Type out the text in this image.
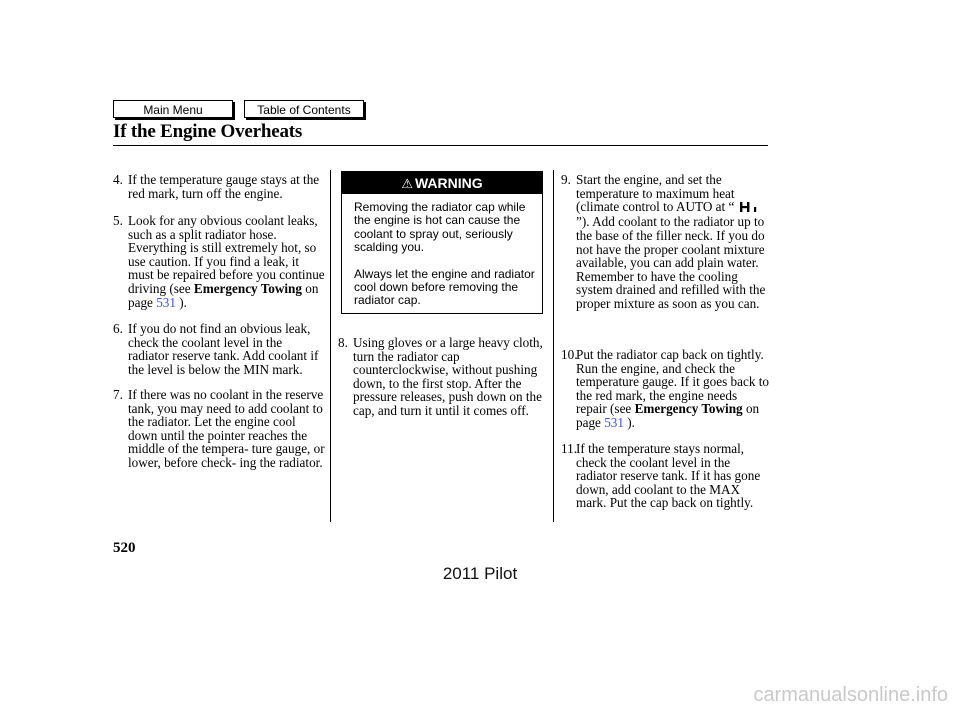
Main Menu	Table of Contents
If the Engine Overheats
4. If the temperature gauge stays at the red mark, turn off the engine.
5. Look for any obvious coolant leaks, such as a split radiator hose. Everything is still extremely hot, so use caution. If you find a leak, it must be repaired before you continue driving (see Emergency Towing on page 531 ).
6. If you do not find an obvious leak, check the coolant level in the radiator reserve tank. Add coolant if the level is below the MIN mark.
7. If there was no coolant in the reserve tank, you may need to add coolant to the radiator. Let the engine cool down until the pointer reaches the middle of the tempera- ture gauge, or lower, before check- ing the radiator.
⚠ WARNING

Removing the radiator cap while the engine is hot can cause the coolant to spray out, seriously scalding you.

Always let the engine and radiator cool down before removing the radiator cap.

8. Using gloves or a large heavy cloth, turn the radiator cap counterclockwise, without pushing down, to the first stop. After the pressure releases, push down on the cap, and turn it until it comes off.
9. Start the engine, and set the temperature to maximum heat (climate control to AUTO at “ ”). Add coolant to the radiator up to the base of the filler neck. If you do not have the proper coolant mixture available, you can add plain water. Remember to have the cooling system drained and refilled with the proper mixture as soon as you can.
10.
Put the radiator cap back on tightly. Run the engine, and check the temperature gauge. If it goes back to the red mark, the engine needs repair (see Emergency Towing on page 531 ).
11. If the temperature stays normal, check the coolant level in the radiator reserve tank. If it has gone down, add coolant to the MAX mark. Put the cap back on tightly.
520
2011 Pilot
carmanualsonline.info
